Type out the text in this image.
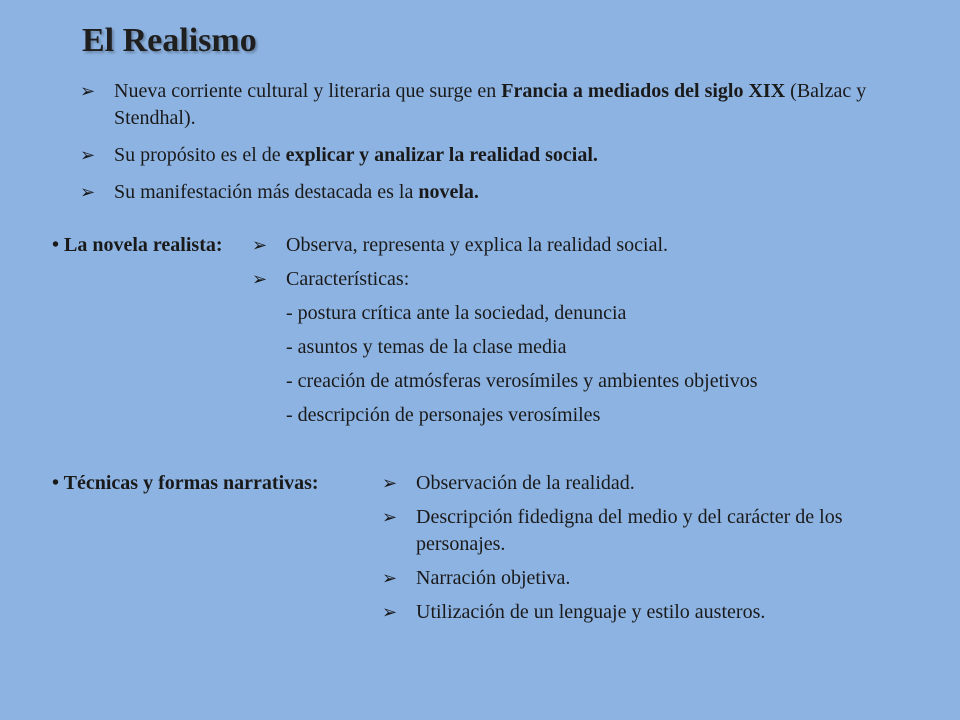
El Realismo
➢ Nueva corriente cultural y literaria que surge en Francia a mediados del siglo XIX (Balzac y Stendhal).
➢ Su propósito es el de explicar y analizar la realidad social.
➢ Su manifestación más destacada es la novela.
• La novela realista:	➢ Observa, representa y explica la realidad social.
➢ Características:
- postura crítica ante la sociedad, denuncia
- asuntos y temas de la clase media
- creación de atmósferas verosímiles y ambientes objetivos
- descripción de personajes verosímiles
• Técnicas y formas narrativas:	➢ Observación de la realidad.
➢ Descripción fidedigna del medio y del carácter de los personajes.
➢ Narración objetiva.
➢ Utilización de un lenguaje y estilo austeros.
